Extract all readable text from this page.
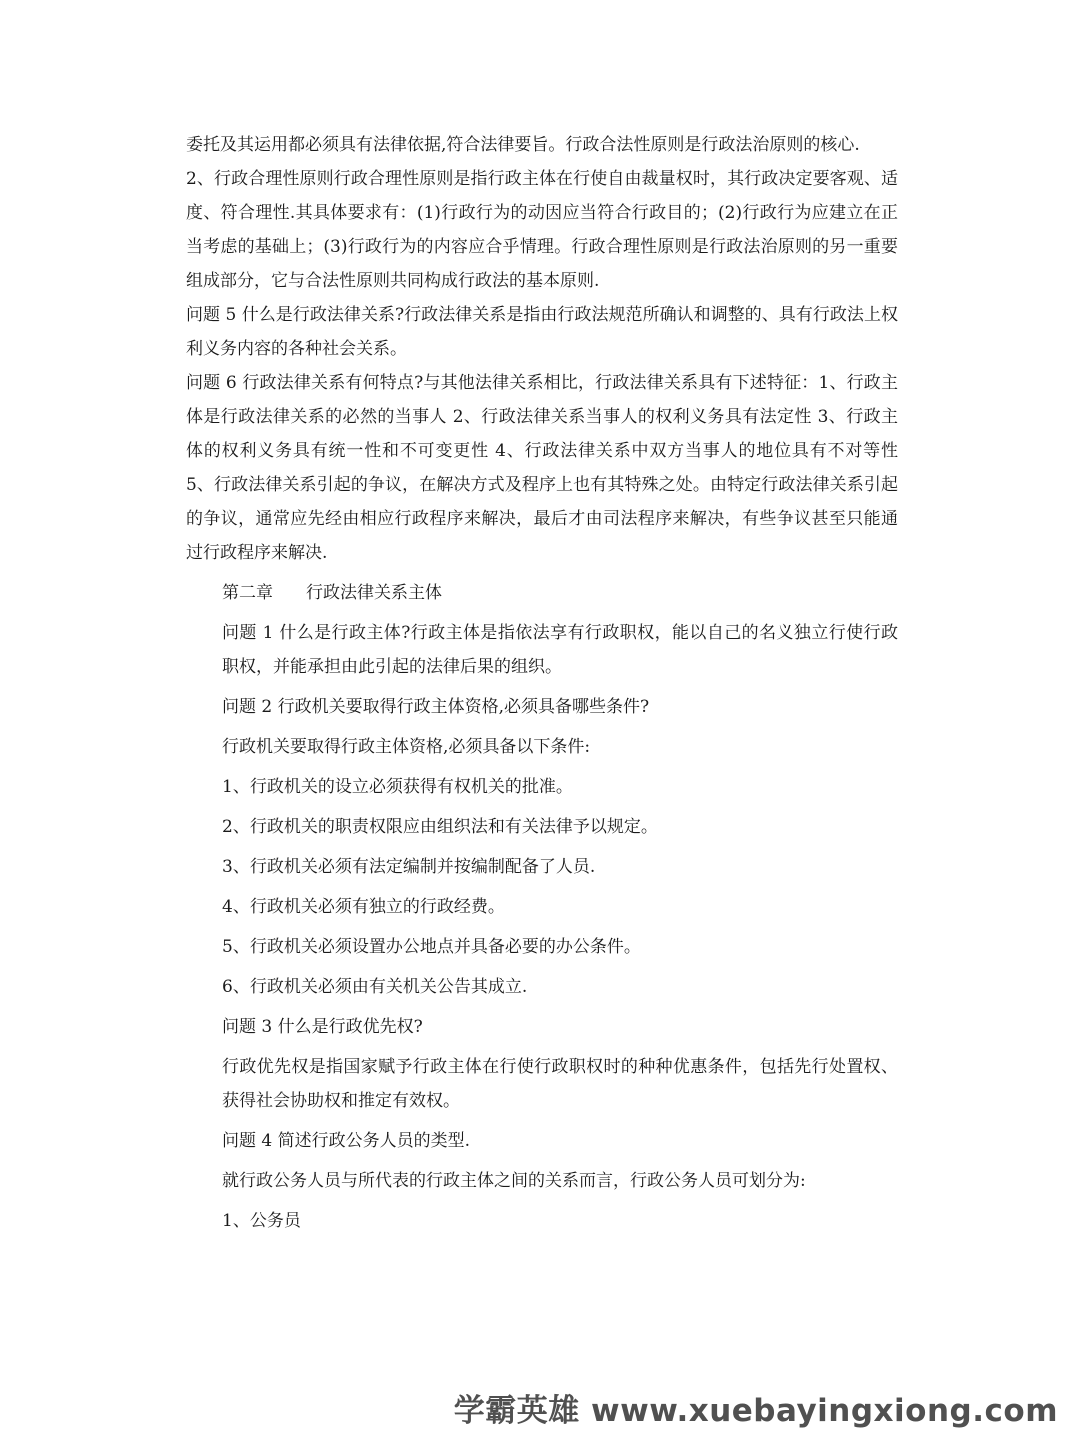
委托及其运用都必须具有法律依据,符合法律要旨。行政合法性原则是行政法治原则的核心.

2、行政合理性原则行政合理性原则是指行政主体在行使自由裁量权时，其行政决定要客观、适度、符合理性.其具体要求有：(1)行政行为的动因应当符合行政目的；(2)行政行为应建立在正当考虑的基础上；(3)行政行为的内容应合乎情理。行政合理性原则是行政法治原则的另一重要组成部分，它与合法性原则共同构成行政法的基本原则.

问题 5 什么是行政法律关系?行政法律关系是指由行政法规范所确认和调整的、具有行政法上权利义务内容的各种社会关系。

问题 6 行政法律关系有何特点?与其他法律关系相比，行政法律关系具有下述特征：1、行政主体是行政法律关系的必然的当事人 2、行政法律关系当事人的权利义务具有法定性 3、行政主体的权利义务具有统一性和不可变更性 4、行政法律关系中双方当事人的地位具有不对等性 5、行政法律关系引起的争议，在解决方式及程序上也有其特殊之处。由特定行政法律关系引起的争议，通常应先经由相应行政程序来解决，最后才由司法程序来解决，有些争议甚至只能通过行政程序来解决.

第二章	行政法律关系主体

问题 1 什么是行政主体?行政主体是指依法享有行政职权，能以自己的名义独立行使行政职权，并能承担由此引起的法律后果的组织。

问题 2 行政机关要取得行政主体资格,必须具备哪些条件?

行政机关要取得行政主体资格,必须具备以下条件:

1、行政机关的设立必须获得有权机关的批准。

2、行政机关的职责权限应由组织法和有关法律予以规定。

3、行政机关必须有法定编制并按编制配备了人员.

4、行政机关必须有独立的行政经费。

5、行政机关必须设置办公地点并具备必要的办公条件。

6、行政机关必须由有关机关公告其成立.

问题 3 什么是行政优先权?

行政优先权是指国家赋予行政主体在行使行政职权时的种种优惠条件，包括先行处置权、获得社会协助权和推定有效权。

问题 4 简述行政公务人员的类型.

就行政公务人员与所代表的行政主体之间的关系而言，行政公务人员可划分为:

1、公务员

学霸英雄 www.xuebayingxiong.com
